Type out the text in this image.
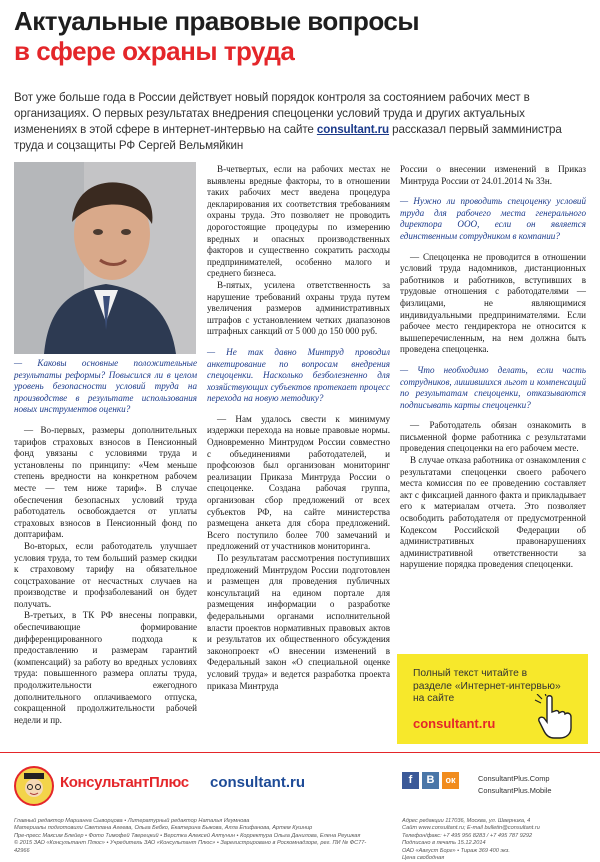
Актуальные правовые вопросы
в сфере охраны труда
Вот уже больше года в России действует новый порядок контроля за состоянием рабочих мест в организациях. О первых результатах внедрения спецоценки условий труда и других актуальных изменениях в этой сфере в интернет-интервью на сайте consultant.ru рассказал первый замминистра труда и соцзащиты РФ Сергей Вельмяйкин

— Каковы основные положительные результаты реформы? Повысился ли в целом уровень безопасности условий труда на производстве в результате использования новых инструментов оценки?

— Во-первых, размеры дополнительных тарифов страховых взносов в Пенсионный фонд увязаны с условиями труда и установлены по принципу: «Чем меньше степень вредности на конкретном рабочем месте — тем ниже тариф». В случае обеспечения безопасных условий труда работодатель освобождается от уплаты страховых взносов в Пенсионный фонд по доптарифам.

Во-вторых, если работодатель улучшает условия труда, то тем больший размер скидки к страховому тарифу на обязательное соцстрахование от несчастных случаев на производстве и профзаболеваний он будет получать.

В-третьих, в ТК РФ внесены поправки, обеспечивающие формирование дифференцированного подхода к предоставлению и размерам гарантий (компенсаций) за работу во вредных условиях труда: повышенного размера оплаты труда, продолжительности ежегодного дополнительного оплачиваемого отпуска, сокращенной продолжительности рабочей недели и пр.

В-четвертых, если на рабочих местах не выявлены вредные факторы, то в отношении таких рабочих мест введена процедура декларирования их соответствия требованиям охраны труда. Это позволяет не проводить дорогостоящие процедуры по измерению вредных и опасных производственных факторов и существенно сократить расходы предпринимателей, особенно малого и среднего бизнеса.

В-пятых, усилена ответственность за нарушение требований охраны труда путем увеличения размеров административных штрафов с установлением четких диапазонов штрафных санкций от 5 000 до 150 000 руб.

— Не так давно Минтруд проводил анкетирование по вопросам внедрения спецоценки. Насколько безболезненно для хозяйствующих субъектов протекает процесс перехода на новую методику?

— Нам удалось свести к минимуму издержки перехода на новые правовые нормы. Одновременно Минтрудом России совместно с объединениями работодателей, и профсоюзов был организован мониторинг реализации Приказа Минтруда России о спецоценке. Создана рабочая группа, организован сбор предложений от всех субъектов РФ, на сайте министерства размещена анкета для сбора предложений. Всего поступило более 700 замечаний и предложений от участников мониторинга.

По результатам рассмотрения поступивших предложений Минтрудом России подготовлен и размещен для проведения публичных консультаций на едином портале для размещения информации о разработке федеральными органами исполнительной власти проектов нормативных правовых актов и результатов их общественного обсуждения законопроект «О внесении изменений в Федеральный закон «О специальной оценке условий труда» и ведется разработка проекта приказа Минтруда

России о внесении изменений в Приказ Минтруда России от 24.01.2014 № 33н.

— Нужно ли проводить спецоценку условий труда для рабочего места генерального директора ООО, если он является единственным сотрудником в компании?

— Спецоценка не проводится в отношении условий труда надомников, дистанционных работников и работников, вступивших в трудовые отношения с работодателями — физлицами, не являющимися индивидуальными предпринимателями. Если рабочее место гендиректора не относится к вышеперечисленным, на нем должна быть проведена спецоценка.

— Что необходимо делать, если часть сотрудников, лишившихся льгот и компенсаций по результатам спецоценки, отказываются подписывать карты спецоценки?

— Работодатель обязан ознакомить в письменной форме работника с результатами проведения спецоценки на его рабочем месте.

В случае отказа работника от ознакомления с результатами спецоценки своего рабочего места комиссия по ее проведению составляет акт с фиксацией данного факта и прикладывает его к материалам отчета. Это позволяет освободить работодателя от предусмотренной Кодексом Российской Федерации об административных правонарушениях административной ответственности за нарушение порядка проведения спецоценки.

Полный текст читайте в разделе «Интернет-интервью» на сайте
consultant.ru
КонсультантПлюс consultant.ru	f	B	ок	ConsultantPlus.Comp
ConsultantPlus.Mobile
Главный редактор Марианна Сыворцова • Литературный редактор Наталья Игумнова
Материалы подготовили Светлана Агеева, Ольга Бебко, Екатерина Быкова, Алла Епифанова, Артем Кушнир
Пре-пресс Максим Блейер • Фото Тимофей Тверецкий • Верстка Алексей Алтунин • Корректура Ольга Данилова, Елена Реушкая
© 2015 ЗАО «Консультант Плюс» • Учредитель ЗАО «Консультант Плюс» • Зарегистрировано в Роскомнадзоре, рег. ПИ № ФС77-42966
Адрес редакции 117036, Москва, ул. Шверника, 4
Сайт www.consultant.ru; E-mail bulletin@consultant.ru
Телефон/факс: +7 495 956 8283 / +7 495 787 9292
Подписано в печать 15.12.2014
ОАО «Август Борг» • Тираж 369 400 экз.
Цена свободная
